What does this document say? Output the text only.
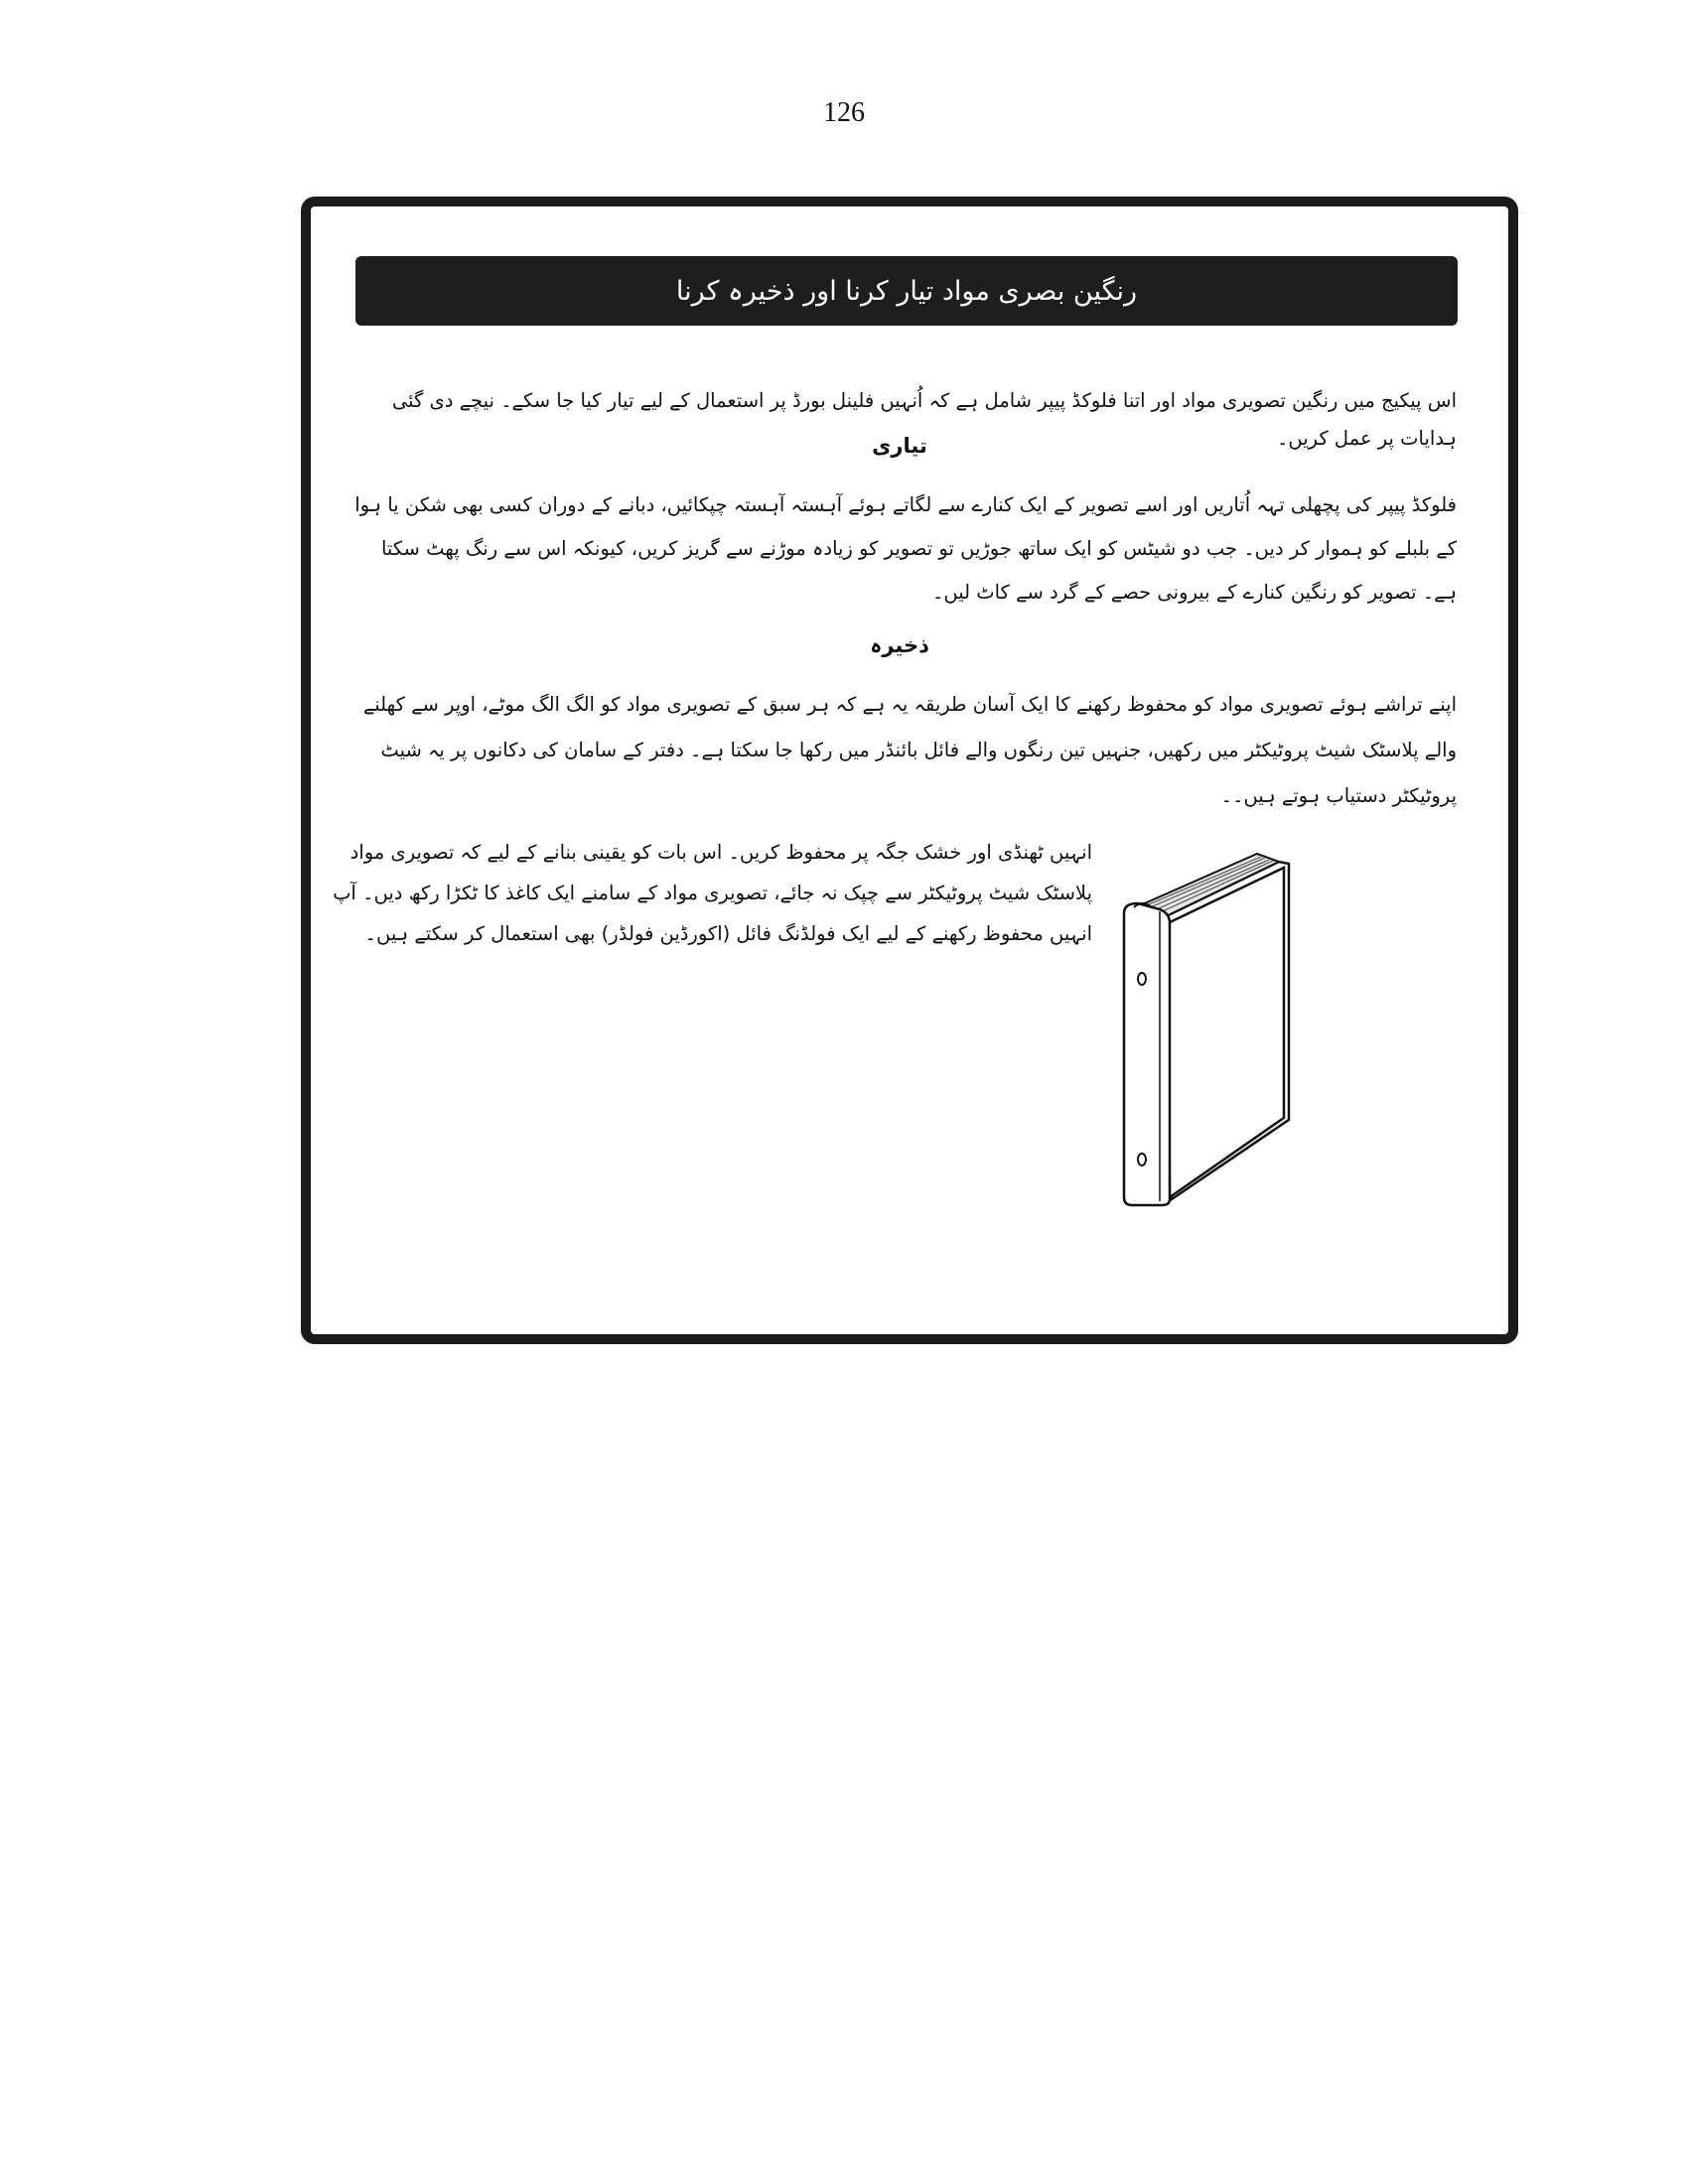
126
رنگین بصری مواد تیار کرنا اور ذخیرہ کرنا

اس پیکیج میں رنگین تصویری مواد اور اتنا فلوکڈ پیپر شامل ہے کہ اُنہیں فلینل بورڈ پر استعمال کے لیے تیار کیا جا سکے۔ نیچے دی گئی ہدایات پر عمل کریں۔

تیاری

فلوکڈ پیپر کی پچھلی تہہ اُتاریں اور اسے تصویر کے ایک کنارے سے لگاتے ہوئے آہستہ آہستہ چپکائیں، دبانے کے دوران کسی بھی شکن یا ہوا کے بلبلے کو ہموار کر دیں۔ جب دو شیٹس کو ایک ساتھ جوڑیں تو تصویر کو زیادہ موڑنے سے گریز کریں، کیونکہ اس سے رنگ پھٹ سکتا ہے۔ تصویر کو رنگین کنارے کے بیرونی حصے کے گرد سے کاٹ لیں۔

ذخیرہ

اپنے تراشے ہوئے تصویری مواد کو محفوظ رکھنے کا ایک آسان طریقہ یہ ہے کہ ہر سبق کے تصویری مواد کو الگ الگ موٹے، اوپر سے کھلنے والے پلاسٹک شیٹ پروٹیکٹر میں رکھیں، جنہیں تین رنگوں والے فائل بائنڈر میں رکھا جا سکتا ہے۔ دفتر کے سامان کی دکانوں پر یہ شیٹ پروٹیکٹر دستیاب ہوتے ہیں۔۔

انہیں ٹھنڈی اور خشک جگہ پر محفوظ کریں۔ اس بات کو یقینی بنانے کے لیے کہ تصویری مواد پلاسٹک شیٹ پروٹیکٹر سے چپک نہ جائے، تصویری مواد کے سامنے ایک کاغذ کا ٹکڑا رکھ دیں۔ آپ انہیں محفوظ رکھنے کے لیے ایک فولڈنگ فائل (اکورڈین فولڈر) بھی استعمال کر سکتے ہیں۔
